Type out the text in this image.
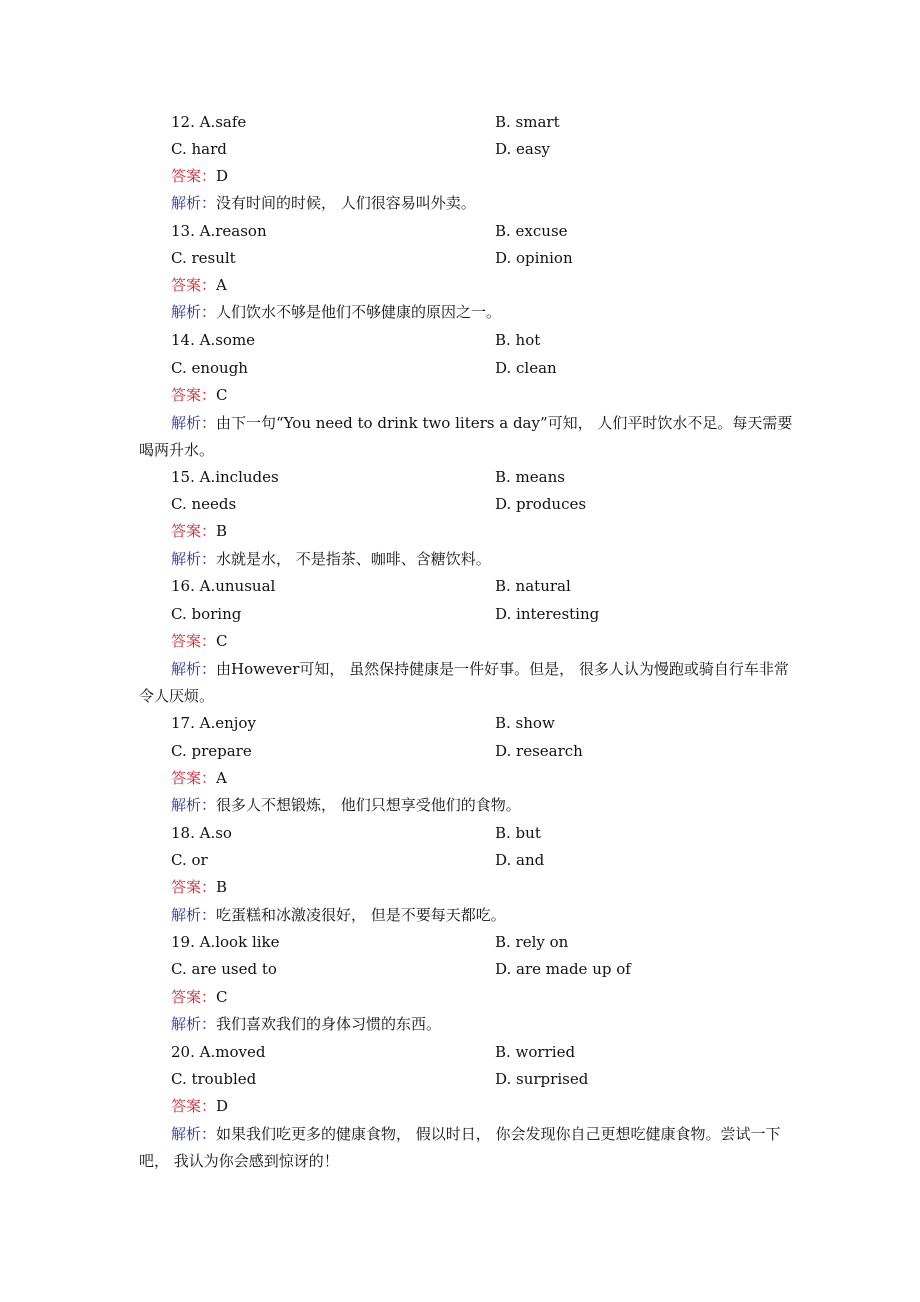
12. A.safe	B. smart
C. hard	D. easy
答案：D
解析：没有时间的时候， 人们很容易叫外卖。
13. A.reason	B. excuse
C. result	D. opinion
答案：A
解析：人们饮水不够是他们不够健康的原因之一。
14. A.some	B. hot
C. enough	D. clean
答案：C
解析：由下一句“You need to drink two liters a day”可知， 人们平时饮水不足。每天需要喝两升水。
15. A.includes	B. means
C. needs	D. produces
答案：B
解析：水就是水， 不是指茶、咖啡、含糖饮料。
16. A.unusual	B. natural
C. boring	D. interesting
答案：C
解析：由However可知， 虽然保持健康是一件好事。但是， 很多人认为慢跑或骑自行车非常令人厌烦。
17. A.enjoy	B. show
C. prepare	D. research
答案：A
解析：很多人不想锻炼， 他们只想享受他们的食物。
18. A.so	B. but
C. or	D. and
答案：B
解析：吃蛋糕和冰激凌很好， 但是不要每天都吃。
19. A.look like	B. rely on
C. are used to	D. are made up of
答案：C
解析：我们喜欢我们的身体习惯的东西。
20. A.moved	B. worried
C. troubled	D. surprised
答案：D
解析：如果我们吃更多的健康食物， 假以时日， 你会发现你自己更想吃健康食物。尝试一下吧， 我认为你会感到惊讶的！
